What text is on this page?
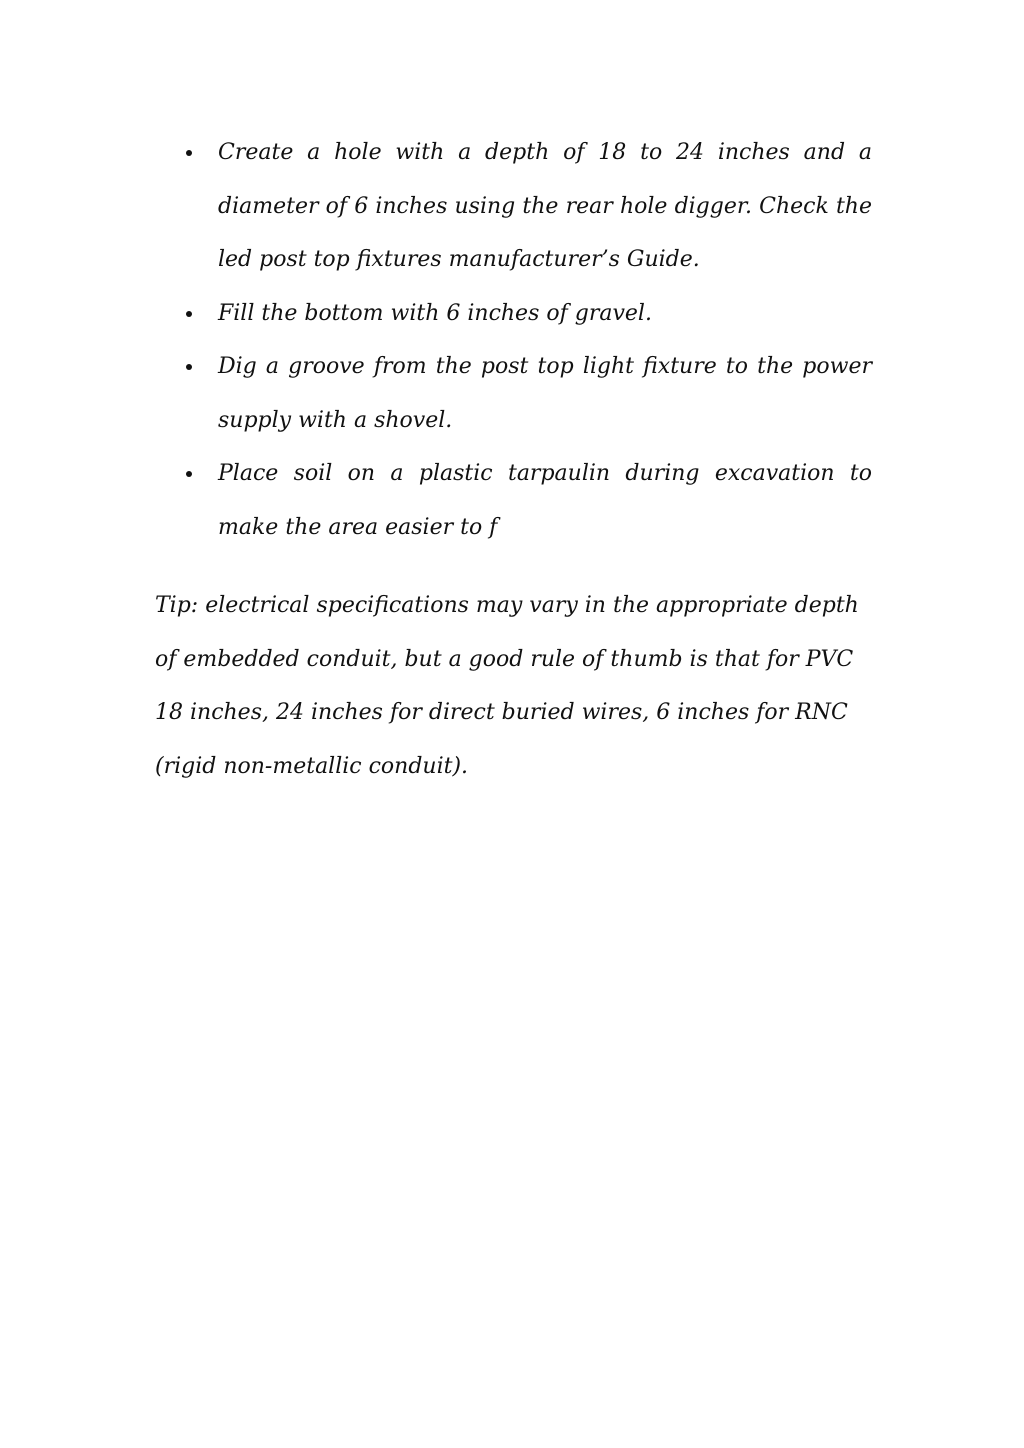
Create a hole with a depth of 18 to 24 inches and a diameter of 6 inches using the rear hole digger. Check the led post top fixtures manufacturer’s Guide.
Fill the bottom with 6 inches of gravel.
Dig a groove from the post top light fixture to the power supply with a shovel.
Place soil on a plastic tarpaulin during excavation to make the area easier to f

Tip: electrical specifications may vary in the appropriate depth of embedded conduit, but a good rule of thumb is that for PVC 18 inches, 24 inches for direct buried wires, 6 inches for RNC (rigid non-metallic conduit).
